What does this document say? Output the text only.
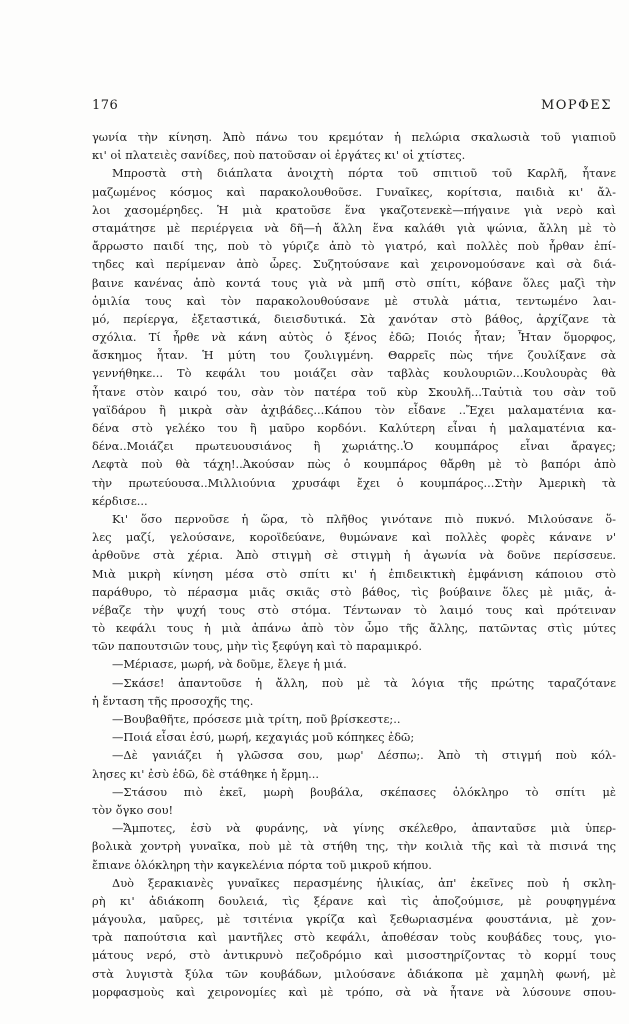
176	ΜΟΡΦΕΣ
γωνία τὴν κίνηση. Ἀπὸ πάνω του κρεμόταν ἡ πελώρια σκαλωσιὰ τοῦ γιαπιοῦ
κι' οἱ πλατειὲς σανίδες, ποὺ πατοῦσαν οἱ ἐργάτες κι' οἱ χτίστες.
Μπροστὰ στὴ διάπλατα ἀνοιχτὴ πόρτα τοῦ σπιτιοῦ τοῦ Καρλῆ, ἦτανε
μαζωμένος κόσμος καὶ παρακολουθοῦσε. Γυναῖκες, κορίτσια, παιδιὰ κι' ἄλ-
λοι χασομέρηδες. Ἡ μιὰ κρατοῦσε ἕνα γκαζοτενεκὲ—πήγαινε γιὰ νερὸ καὶ
σταμάτησε μὲ περιέργεια νὰ δῆ—ἡ ἄλλη ἕνα καλάθι γιὰ ψώνια, ἄλλη μὲ τὸ
ἄρρωστο παιδί της, ποὺ τὸ γύριζε ἀπὸ τὸ γιατρό, καὶ πολλὲς ποὺ ἦρθαν ἐπί-
τηδες καὶ περίμεναν ἀπὸ ὧρες. Συζητούσανε καὶ χειρονομούσανε καὶ σὰ διά-
βαινε κανένας ἀπὸ κοντά τους γιὰ νὰ μπῆ στὸ σπίτι, κόβανε ὅλες μαζὶ τὴν
ὁμιλία τους καὶ τὸν παρακολουθούσανε μὲ στυλὰ μάτια, τεντωμένο λαι-
μό, περίεργα, ἐξεταστικά, διεισδυτικά. Σὰ χανόταν στὸ βάθος, ἀρχίζανε τὰ
σχόλια. Τί ἦρθε νὰ κάνη αὐτὸς ὁ ξένος ἐδῶ; Ποιός ἦταν; Ἦταν ὅμορφος,
ἄσκημος ἦταν. Ἡ μύτη του ζουλιγμένη. Θαρρεῖς πὼς τήνε ζουλίξανε σὰ
γεννήθηκε... Τὸ κεφάλι του μοιάζει σὰν ταβλὰς κουλουριῶν...Κουλουρὰς θὰ
ἦτανε στὸν καιρό του, σὰν τὸν πατέρα τοῦ κὺρ Σκουλῆ...Ταὐτιὰ του σὰν τοῦ
γαϊδάρου ἢ μικρὰ σὰν ἀχιβάδες...Κάπου τὸν εἶδανε ..Ἔχει μαλαματένια κα-
δένα στὸ γελέκο του ἢ μαῦρο κορδόνι. Καλύτερη εἶναι ἡ μαλαματένια κα-
δένα..Μοιάζει πρωτευουσιάνος ἢ χωριάτης..Ὁ κουμπάρος εἶναι ἄραγες;
Λεφτὰ ποὺ θὰ τάχη!..Ἀκούσαν πὼς ὁ κουμπάρος θἄρθη μὲ τὸ βαπόρι ἀπὸ
τὴν πρωτεύουσα..Μιλλιούνια χρυσάφι ἔχει ὁ κουμπάρος...Στὴν Ἀμερικὴ τὰ
κέρδισε...
Κι' ὅσο περνοῦσε ἡ ὥρα, τὸ πλῆθος γινότανε πιὸ πυκνό. Μιλούσανε ὅ-
λες μαζί, γελούσανε, κοροϊδεύανε, θυμώνανε καὶ πολλὲς φορὲς κάνανε ν'
ἀρθοῦνε στὰ χέρια. Ἀπὸ στιγμὴ σὲ στιγμὴ ἡ ἀγωνία νὰ δοῦνε περίσσευε.
Μιὰ μικρὴ κίνηση μέσα στὸ σπίτι κι' ἡ ἐπιδεικτικὴ ἐμφάνιση κάποιου στὸ
παράθυρο, τὸ πέρασμα μιᾶς σκιᾶς στὸ βάθος, τὶς βούβαινε ὅλες μὲ μιᾶς, ἀ-
νέβαζε τὴν ψυχή τους στὸ στόμα. Τέντωναν τὸ λαιμό τους καὶ πρότειναν
τὸ κεφάλι τους ἡ μιὰ ἀπάνω ἀπὸ τὸν ὦμο τῆς ἄλλης, πατῶντας στὶς μύτες
τῶν παπουτσιῶν τους, μὴν τὶς ξεφύγη καὶ τὸ παραμικρό.
—Μέριασε, μωρή, νὰ δοῦμε, ἔλεγε ἡ μιά.
—Σκάσε! ἀπαντοῦσε ἡ ἄλλη, ποὺ μὲ τὰ λόγια τῆς πρώτης ταραζότανε
ἡ ἔνταση τῆς προσοχῆς της.
—Βουβαθῆτε, πρόσεσε μιὰ τρίτη, ποῦ βρίσκεστε;..
—Ποιά εἶσαι ἐσύ, μωρή, κεχαγιάς μοῦ κόπηκες ἐδῶ;
—Δὲ γανιάζει ἡ γλῶσσα σου, μωρ' Δέσπω;. Ἀπὸ τὴ στιγμή ποὺ κόλ-
λησες κι' ἐσὺ ἐδῶ, δὲ στάθηκε ἡ ἔρμη...
—Στάσου πιὸ ἐκεῖ, μωρὴ βουβάλα, σκέπασες ὁλόκληρο τὸ σπίτι μὲ
τὸν ὄγκο σου!
—Ἄμποτες, ἐσὺ νὰ φυράνης, νὰ γίνης σκέλεθρο, ἀπανταῦσε μιὰ ὑπερ-
βολικὰ χοντρὴ γυναῖκα, ποὺ μὲ τὰ στήθη της, τὴν κοιλιὰ τῆς καὶ τὰ πισινά της
ἔπιανε ὁλόκληρη τὴν καγκελένια πόρτα τοῦ μικροῦ κήπου.
Δυὸ ξερακιανὲς γυναῖκες περασμένης ἡλικίας, ἀπ' ἐκεῖνες ποὺ ἡ σκλη-
ρὴ κι' ἀδιάκοπη δουλειά, τὶς ξέρανε καὶ τὶς ἀποζούμισε, μὲ ρουφηγμένα
μάγουλα, μαῦρες, μὲ τσιτένια γκρίζα καὶ ξεθωριασμένα φουστάνια, μὲ χον-
τρὰ παπούτσια καὶ μαντῆλες στὸ κεφάλι, ἀποθέσαν τοὺς κουβάδες τους, γιο-
μάτους νερό, στὸ ἀντικρυνὸ πεζοδρόμιο καὶ μισοστηρίζοντας τὸ κορμί τους
στὰ λυγιστὰ ξύλα τῶν κουβάδων, μιλούσανε ἀδιάκοπα μὲ χαμηλὴ φωνή, μὲ
μορφασμοὺς καὶ χειρονομίες καὶ μὲ τρόπο, σὰ νὰ ἦτανε νὰ λύσουνε σπου-
